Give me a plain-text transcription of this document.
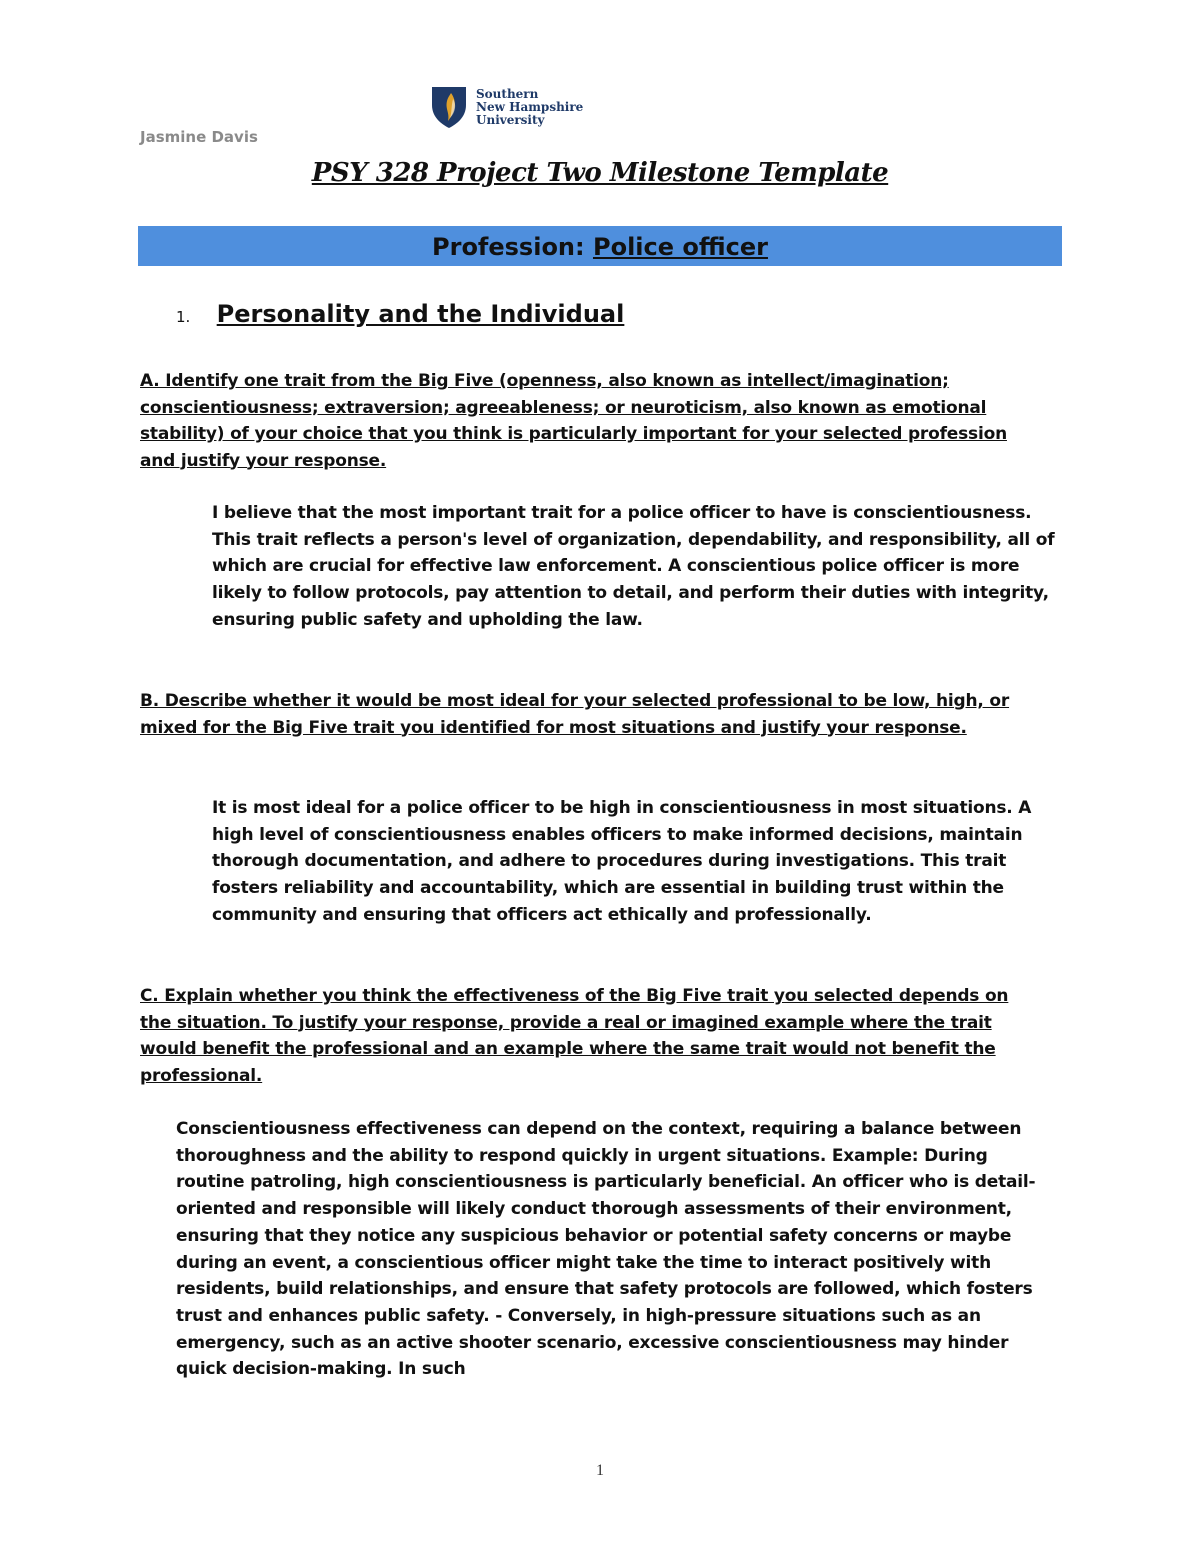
Jasmine Davis
Southern
New Hampshire
University
PSY 328 Project Two Milestone Template
Profession: Police officer
1. Personality and the Individual
A. Identify one trait from the Big Five (openness, also known as intellect/imagination; conscientiousness; extraversion; agreeableness; or neuroticism, also known as emotional stability) of your choice that you think is particularly important for your selected profession and justify your response.
I believe that the most important trait for a police officer to have is conscientiousness. This trait reflects a person's level of organization, dependability, and responsibility, all of which are crucial for effective law enforcement. A conscientious police officer is more likely to follow protocols, pay attention to detail, and perform their duties with integrity, ensuring public safety and upholding the law.
B. Describe whether it would be most ideal for your selected professional to be low, high, or mixed for the Big Five trait you identified for most situations and justify your response.
It is most ideal for a police officer to be high in conscientiousness in most situations. A high level of conscientiousness enables officers to make informed decisions, maintain thorough documentation, and adhere to procedures during investigations. This trait fosters reliability and accountability, which are essential in building trust within the community and ensuring that officers act ethically and professionally.
C. Explain whether you think the effectiveness of the Big Five trait you selected depends on the situation. To justify your response, provide a real or imagined example where the trait would benefit the professional and an example where the same trait would not benefit the professional.
Conscientiousness effectiveness can depend on the context, requiring a balance between thoroughness and the ability to respond quickly in urgent situations. Example: During routine patroling, high conscientiousness is particularly beneficial. An officer who is detail-oriented and responsible will likely conduct thorough assessments of their environment, ensuring that they notice any suspicious behavior or potential safety concerns or maybe during an event, a conscientious officer might take the time to interact positively with residents, build relationships, and ensure that safety protocols are followed, which fosters trust and enhances public safety. - Conversely, in high-pressure situations such as an emergency, such as an active shooter scenario, excessive conscientiousness may hinder quick decision-making. In such
1
